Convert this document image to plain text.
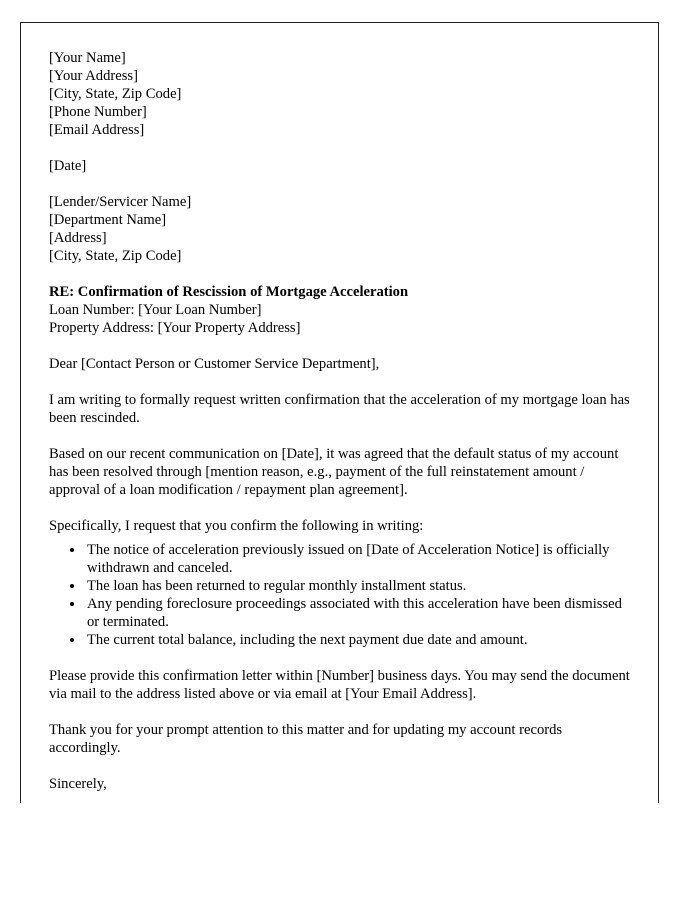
[Your Name]
[Your Address]
[City, State, Zip Code]
[Phone Number]
[Email Address]
[Date]
[Lender/Servicer Name]
[Department Name]
[Address]
[City, State, Zip Code]
RE: Confirmation of Rescission of Mortgage Acceleration
Loan Number: [Your Loan Number]
Property Address: [Your Property Address]

Dear [Contact Person or Customer Service Department],

I am writing to formally request written confirmation that the acceleration of my mortgage loan has been rescinded.

Based on our recent communication on [Date], it was agreed that the default status of my account has been resolved through [mention reason, e.g., payment of the full reinstatement amount / approval of a loan modification / repayment plan agreement].

Specifically, I request that you confirm the following in writing:

• The notice of acceleration previously issued on [Date of Acceleration Notice] is officially withdrawn and canceled.
• The loan has been returned to regular monthly installment status.
• Any pending foreclosure proceedings associated with this acceleration have been dismissed or terminated.
• The current total balance, including the next payment due date and amount.

Please provide this confirmation letter within [Number] business days. You may send the document via mail to the address listed above or via email at [Your Email Address].

Thank you for your prompt attention to this matter and for updating my account records accordingly.

Sincerely,
